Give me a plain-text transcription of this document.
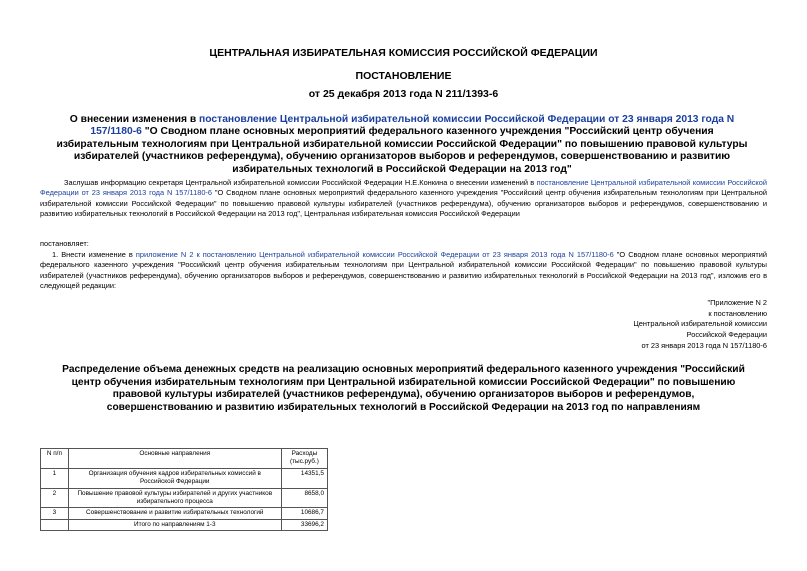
ЦЕНТРАЛЬНАЯ ИЗБИРАТЕЛЬНАЯ КОМИССИЯ РОССИЙСКОЙ ФЕДЕРАЦИИ
ПОСТАНОВЛЕНИЕ
от 25 декабря 2013 года N 211/1393-6
О внесении изменения в постановление Центральной избирательной комиссии Российской Федерации от 23 января 2013 года N 157/1180-6 "О Сводном плане основных мероприятий федерального казенного учреждения "Российский центр обучения избирательным технологиям при Центральной избирательной комиссии Российской Федерации" по повышению правовой культуры избирателей (участников референдума), обучению организаторов выборов и референдумов, совершенствованию и развитию избирательных технологий в Российской Федерации на 2013 год"
Заслушав информацию секретаря Центральной избирательной комиссии Российской Федерации Н.Е.Конкина о внесении изменений в постановление Центральной избирательной комиссии Российской Федерации от 23 января 2013 года N 157/1180-6 "О Сводном плане основных мероприятий федерального казенного учреждения "Российский центр обучения избирательным технологиям при Центральной избирательной комиссии Российской Федерации" по повышению правовой культуры избирателей (участников референдума), обучению организаторов выборов и референдумов, совершенствованию и развитию избирательных технологий в Российской Федерации на 2013 год", Центральная избирательная комиссия Российской Федерации
постановляет:
1. Внести изменение в приложение N 2 к постановлению Центральной избирательной комиссии Российской Федерации от 23 января 2013 года N 157/1180-6 "О Сводном плане основных мероприятий федерального казенного учреждения "Российский центр обучения избирательным технологиям при Центральной избирательной комиссии Российской Федерации" по повышению правовой культуры избирателей (участников референдума), обучению организаторов выборов и референдумов, совершенствованию и развитию избирательных технологий в Российской Федерации на 2013 год", изложив его в следующей редакции:
"Приложение N 2
к постановлению
Центральной избирательной комиссии
Российской Федерации
от 23 января 2013 года N 157/1180-6
Распределение объема денежных средств на реализацию основных мероприятий федерального казенного учреждения "Российский центр обучения избирательным технологиям при Центральной избирательной комиссии Российской Федерации" по повышению правовой культуры избирателей (участников референдума), обучению организаторов выборов и референдумов, совершенствованию и развитию избирательных технологий в Российской Федерации на 2013 год по направлениям
N п/п	Основные направления	Расходы (тыс.руб.)
1	Организация обучения кадров избирательных комиссий в Российской Федерации	14351,5
2	Повышение правовой культуры избирателей и других участников избирательного процесса	8658,0
3	Совершенствование и развитие избирательных технологий	10686,7
	Итого по направлениям 1-3	33696,2
